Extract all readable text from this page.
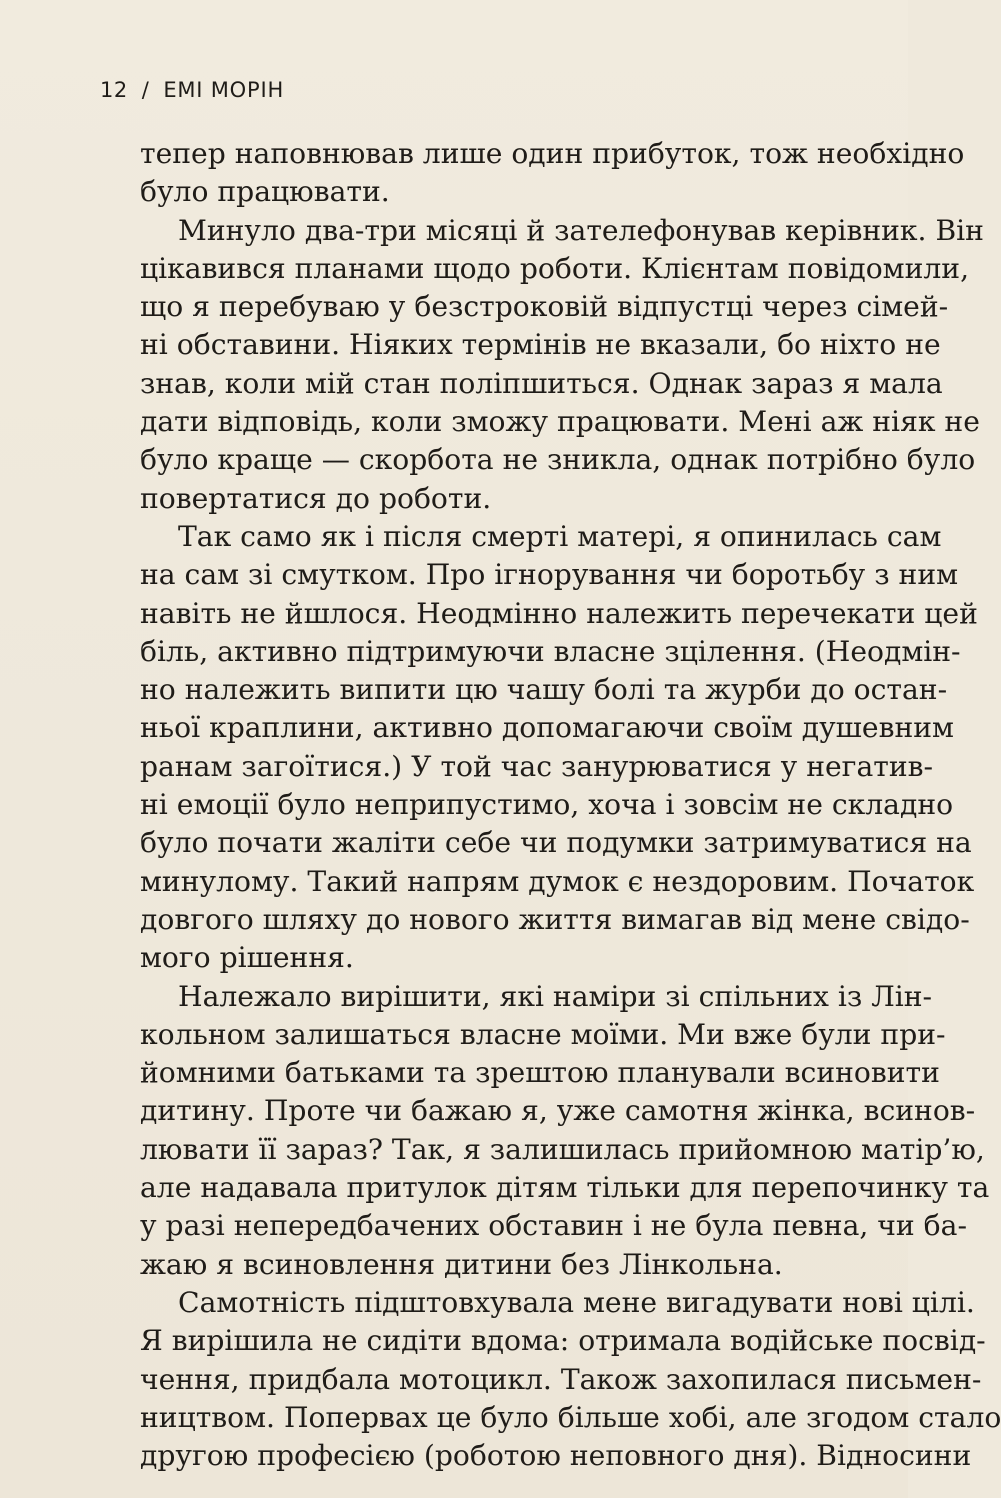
12 / ЕМІ МОРІН
тепер наповнював лише один прибуток, тож необхідно
було працювати.
Минуло два-три місяці й зателефонував керівник. Він
цікавився планами щодо роботи. Клієнтам повідомили,
що я перебуваю у безстроковій відпустці через сімей-
ні обставини. Ніяких термінів не вказали, бо ніхто не
знав, коли мій стан поліпшиться. Однак зараз я мала
дати відповідь, коли зможу працювати. Мені аж ніяк не
було краще — скорбота не зникла, однак потрібно було
повертатися до роботи.
Так само як і після смерті матері, я опинилась сам
на сам зі смутком. Про ігнорування чи боротьбу з ним
навіть не йшлося. Неодмінно належить перечекати цей
біль, активно підтримуючи власне зцілення. (Неодмін-
но належить випити цю чашу болі та журби до остан-
ньої краплини, активно допомагаючи своїм душевним
ранам загоїтися.) У той час занурюватися у негатив-
ні емоції було неприпустимо, хоча і зовсім не складно
було почати жаліти себе чи подумки затримуватися на
минулому. Такий напрям думок є нездоровим. Початок
довгого шляху до нового життя вимагав від мене свідо-
мого рішення.
Належало вирішити, які наміри зі спільних із Лін-
кольном залишаться власне моїми. Ми вже були при-
йомними батьками та зрештою планували всиновити
дитину. Проте чи бажаю я, уже самотня жінка, всинов-
лювати її зараз? Так, я залишилась прийомною матір’ю,
але надавала притулок дітям тільки для перепочинку та
у разі непередбачених обставин і не була певна, чи ба-
жаю я всиновлення дитини без Лінкольна.
Самотність підштовхувала мене вигадувати нові цілі.
Я вирішила не сидіти вдома: отримала водійське посвід-
чення, придбала мотоцикл. Також захопилася письмен-
ництвом. Попервах це було більше хобі, але згодом стало
другою професією (роботою неповного дня). Відносини
